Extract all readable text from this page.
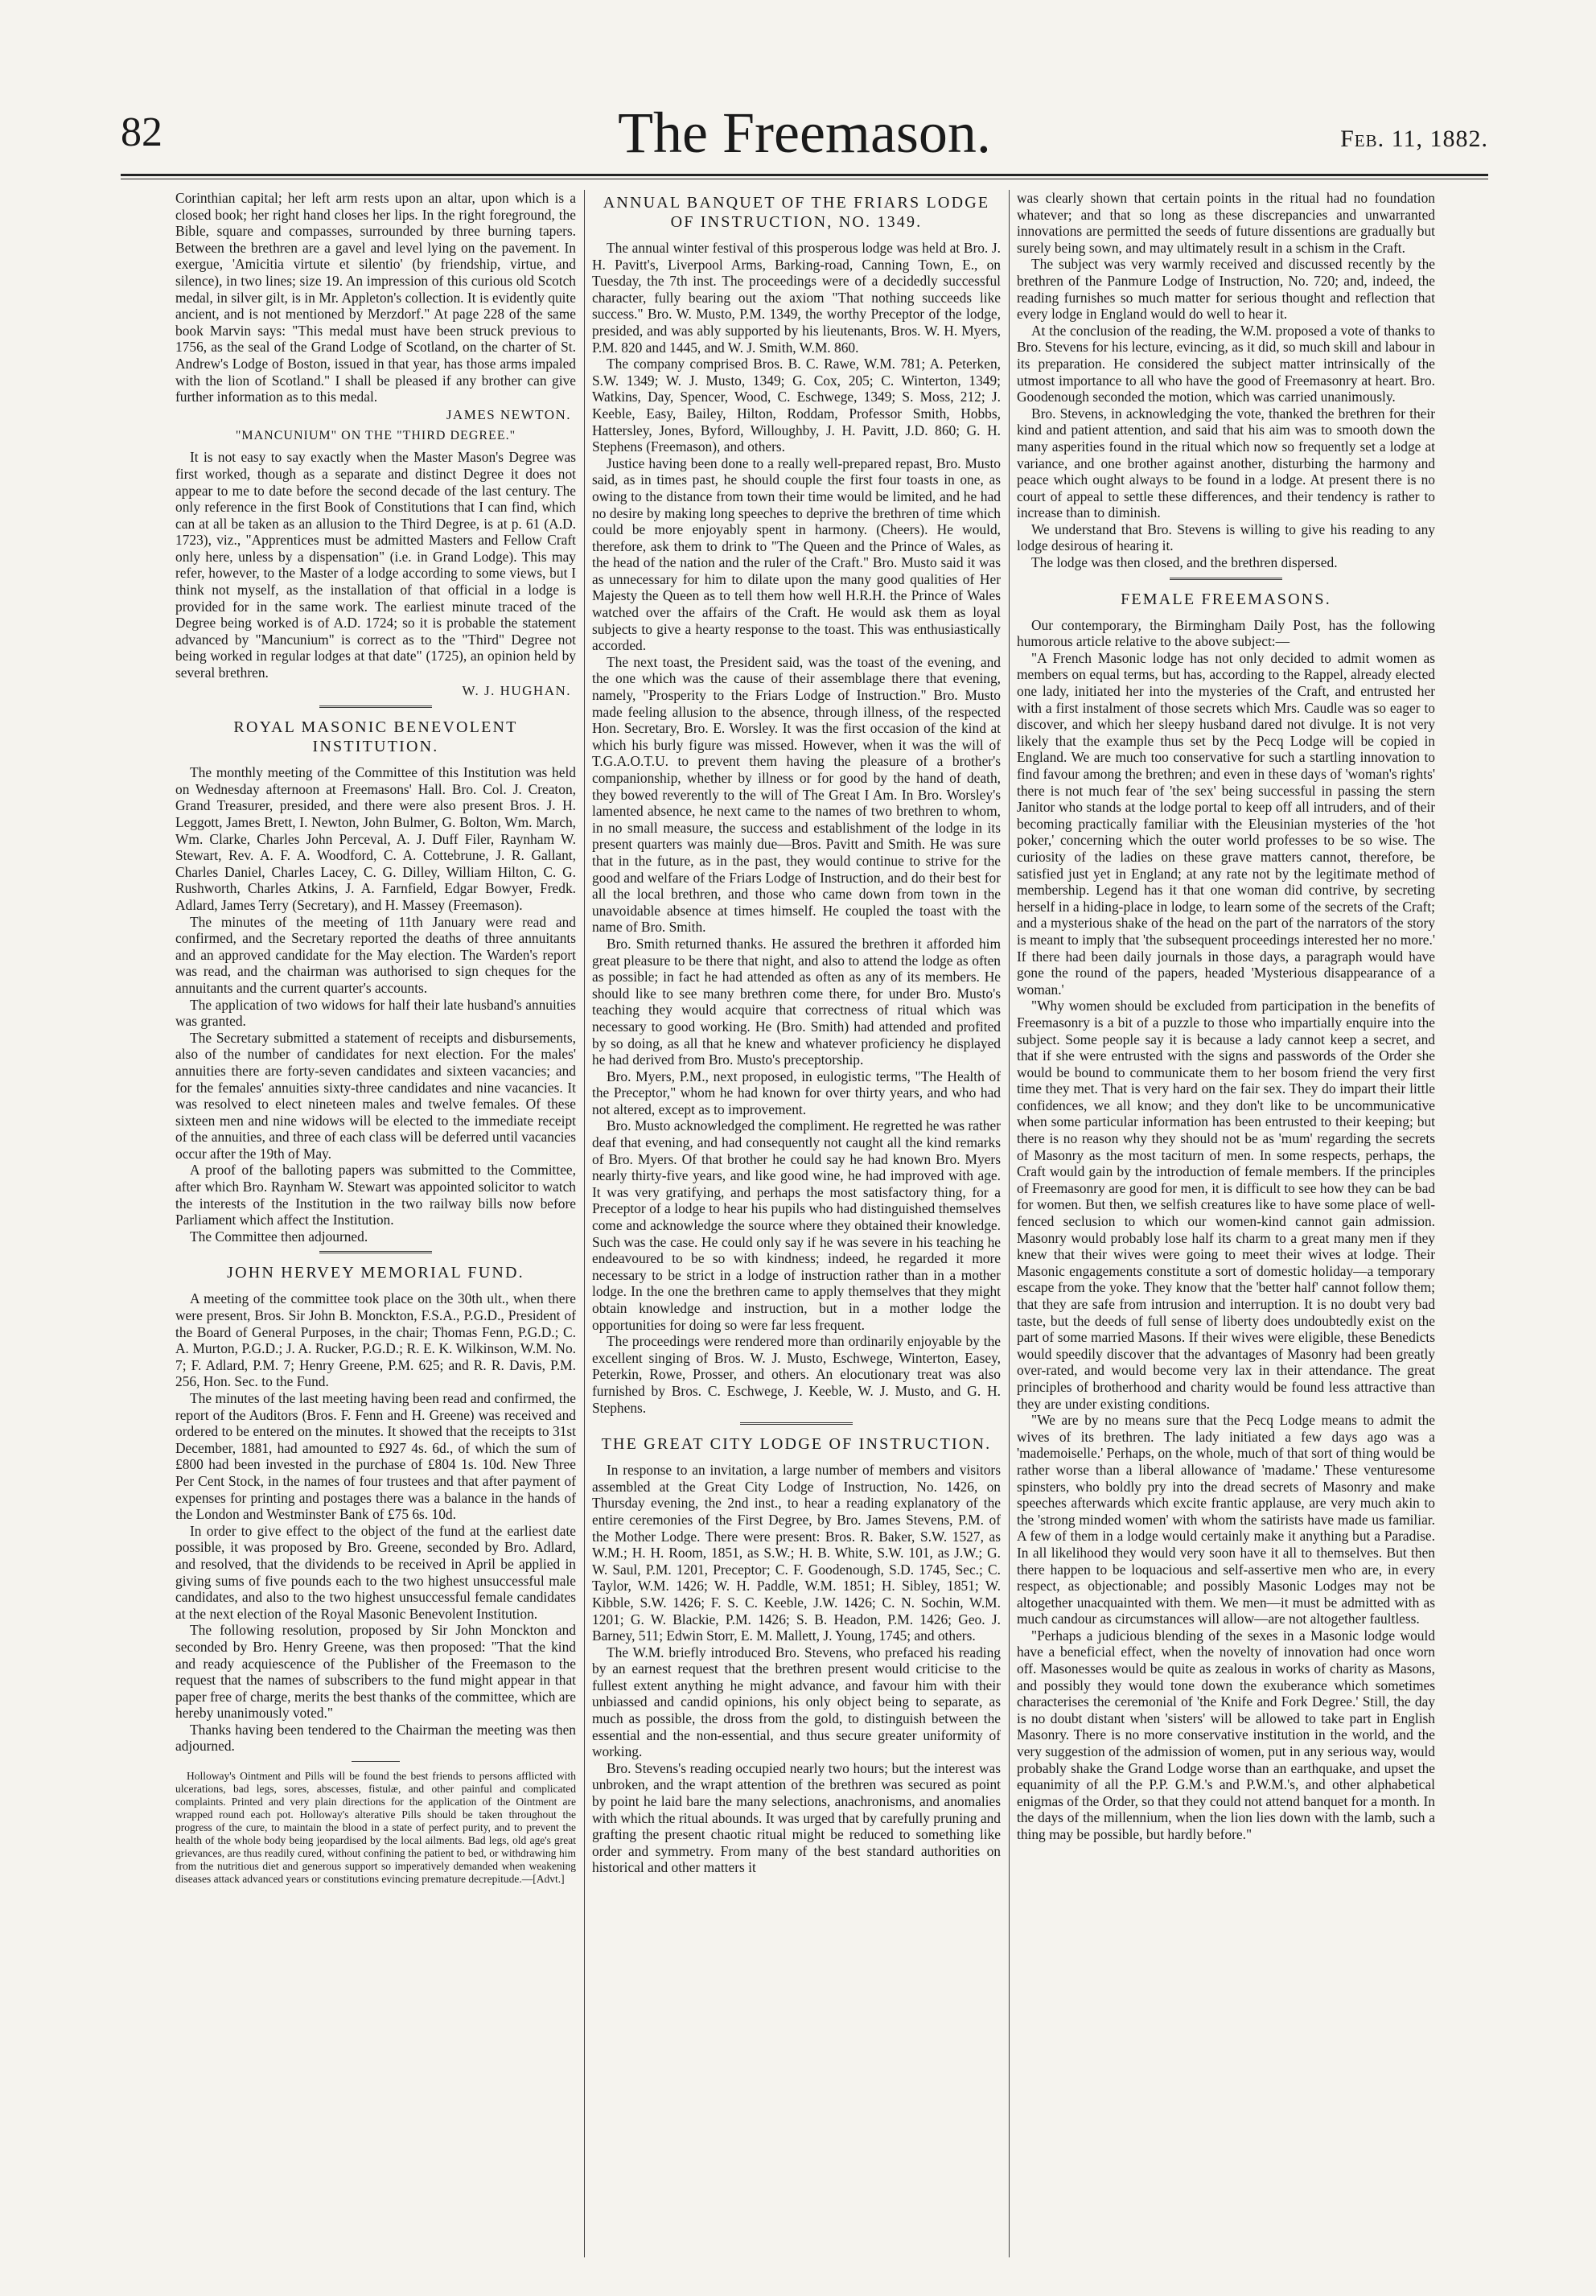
82	The Freemason.	Feb. 11, 1882.

Corinthian capital; her left arm rests upon an altar, upon which is a closed book; her right hand closes her lips. In the right foreground, the Bible, square and compasses, surrounded by three burning tapers. Between the brethren are a gavel and level lying on the pavement. In exergue, 'Amicitia virtute et silentio' (by friendship, virtue, and silence), in two lines; size 19. An impression of this curious old Scotch medal, in silver gilt, is in Mr. Appleton's collection. It is evidently quite ancient, and is not mentioned by Merzdorf." At page 228 of the same book Marvin says: "This medal must have been struck previous to 1756, as the seal of the Grand Lodge of Scotland, on the charter of St. Andrew's Lodge of Boston, issued in that year, has those arms impaled with the lion of Scotland." I shall be pleased if any brother can give further information as to this medal.

JAMES NEWTON.
"MANCUNIUM" ON THE "THIRD DEGREE."

It is not easy to say exactly when the Master Mason's Degree was first worked, though as a separate and distinct Degree it does not appear to me to date before the second decade of the last century. The only reference in the first Book of Constitutions that I can find, which can at all be taken as an allusion to the Third Degree, is at p. 61 (A.D. 1723), viz., "Apprentices must be admitted Masters and Fellow Craft only here, unless by a dispensation" (i.e. in Grand Lodge). This may refer, however, to the Master of a lodge according to some views, but I think not myself, as the installation of that official in a lodge is provided for in the same work. The earliest minute traced of the Degree being worked is of A.D. 1724; so it is probable the statement advanced by "Mancunium" is correct as to the "Third" Degree not being worked in regular lodges at that date" (1725), an opinion held by several brethren.

W. J. HUGHAN.
ROYAL MASONIC BENEVOLENT INSTITUTION.

The monthly meeting of the Committee of this Institution was held on Wednesday afternoon at Freemasons' Hall. Bro. Col. J. Creaton, Grand Treasurer, presided, and there were also present Bros. J. H. Leggott, James Brett, I. Newton, John Bulmer, G. Bolton, Wm. March, Wm. Clarke, Charles John Perceval, A. J. Duff Filer, Raynham W. Stewart, Rev. A. F. A. Woodford, C. A. Cottebrune, J. R. Gallant, Charles Daniel, Charles Lacey, C. G. Dilley, William Hilton, C. G. Rushworth, Charles Atkins, J. A. Farnfield, Edgar Bowyer, Fredk. Adlard, James Terry (Secretary), and H. Massey (Freemason).

The minutes of the meeting of 11th January were read and confirmed, and the Secretary reported the deaths of three annuitants and an approved candidate for the May election. The Warden's report was read, and the chairman was authorised to sign cheques for the annuitants and the current quarter's accounts.

The application of two widows for half their late husband's annuities was granted.

The Secretary submitted a statement of receipts and disbursements, also of the number of candidates for next election. For the males' annuities there are forty-seven candidates and sixteen vacancies; and for the females' annuities sixty-three candidates and nine vacancies. It was resolved to elect nineteen males and twelve females. Of these sixteen men and nine widows will be elected to the immediate receipt of the annuities, and three of each class will be deferred until vacancies occur after the 19th of May.

A proof of the balloting papers was submitted to the Committee, after which Bro. Raynham W. Stewart was appointed solicitor to watch the interests of the Institution in the two railway bills now before Parliament which affect the Institution.

The Committee then adjourned.

JOHN HERVEY MEMORIAL FUND.

A meeting of the committee took place on the 30th ult., when there were present, Bros. Sir John B. Monckton, F.S.A., P.G.D., President of the Board of General Purposes, in the chair; Thomas Fenn, P.G.D.; C. A. Murton, P.G.D.; J. A. Rucker, P.G.D.; R. E. K. Wilkinson, W.M. No. 7; F. Adlard, P.M. 7; Henry Greene, P.M. 625; and R. R. Davis, P.M. 256, Hon. Sec. to the Fund.

The minutes of the last meeting having been read and confirmed, the report of the Auditors (Bros. F. Fenn and H. Greene) was received and ordered to be entered on the minutes. It showed that the receipts to 31st December, 1881, had amounted to £927 4s. 6d., of which the sum of £800 had been invested in the purchase of £804 1s. 10d. New Three Per Cent Stock, in the names of four trustees and that after payment of expenses for printing and postages there was a balance in the hands of the London and Westminster Bank of £75 6s. 10d.

In order to give effect to the object of the fund at the earliest date possible, it was proposed by Bro. Greene, seconded by Bro. Adlard, and resolved, that the dividends to be received in April be applied in giving sums of five pounds each to the two highest unsuccessful male candidates, and also to the two highest unsuccessful female candidates at the next election of the Royal Masonic Benevolent Institution.

The following resolution, proposed by Sir John Monckton and seconded by Bro. Henry Greene, was then proposed: "That the kind and ready acquiescence of the Publisher of the Freemason to the request that the names of subscribers to the fund might appear in that paper free of charge, merits the best thanks of the committee, which are hereby unanimously voted."

Thanks having been tendered to the Chairman the meeting was then adjourned.

Holloway's Ointment and Pills will be found the best friends to persons afflicted with ulcerations, bad legs, sores, abscesses, fistulæ, and other painful and complicated complaints. Printed and very plain directions for the application of the Ointment are wrapped round each pot. Holloway's alterative Pills should be taken throughout the progress of the cure, to maintain the blood in a state of perfect purity, and to prevent the health of the whole body being jeopardised by the local ailments. Bad legs, old age's great grievances, are thus readily cured, without confining the patient to bed, or withdrawing him from the nutritious diet and generous support so imperatively demanded when weakening diseases attack advanced years or constitutions evincing premature decrepitude.—[Advt.]

ANNUAL BANQUET OF THE FRIARS LODGE OF INSTRUCTION, NO. 1349.

The annual winter festival of this prosperous lodge was held at Bro. J. H. Pavitt's, Liverpool Arms, Barking-road, Canning Town, E., on Tuesday, the 7th inst. The proceedings were of a decidedly successful character, fully bearing out the axiom "That nothing succeeds like success." Bro. W. Musto, P.M. 1349, the worthy Preceptor of the lodge, presided, and was ably supported by his lieutenants, Bros. W. H. Myers, P.M. 820 and 1445, and W. J. Smith, W.M. 860.

The company comprised Bros. B. C. Rawe, W.M. 781; A. Peterken, S.W. 1349; W. J. Musto, 1349; G. Cox, 205; C. Winterton, 1349; Watkins, Day, Spencer, Wood, C. Eschwege, 1349; S. Moss, 212; J. Keeble, Easy, Bailey, Hilton, Roddam, Professor Smith, Hobbs, Hattersley, Jones, Byford, Willoughby, J. H. Pavitt, J.D. 860; G. H. Stephens (Freemason), and others.

Justice having been done to a really well-prepared repast, Bro. Musto said, as in times past, he should couple the first four toasts in one, as owing to the distance from town their time would be limited, and he had no desire by making long speeches to deprive the brethren of time which could be more enjoyably spent in harmony. (Cheers). He would, therefore, ask them to drink to "The Queen and the Prince of Wales, as the head of the nation and the ruler of the Craft." Bro. Musto said it was as unnecessary for him to dilate upon the many good qualities of Her Majesty the Queen as to tell them how well H.R.H. the Prince of Wales watched over the affairs of the Craft. He would ask them as loyal subjects to give a hearty response to the toast. This was enthusiastically accorded.

The next toast, the President said, was the toast of the evening, and the one which was the cause of their assemblage there that evening, namely, "Prosperity to the Friars Lodge of Instruction." Bro. Musto made feeling allusion to the absence, through illness, of the respected Hon. Secretary, Bro. E. Worsley. It was the first occasion of the kind at which his burly figure was missed. However, when it was the will of T.G.A.O.T.U. to prevent them having the pleasure of a brother's companionship, whether by illness or for good by the hand of death, they bowed reverently to the will of The Great I Am. In Bro. Worsley's lamented absence, he next came to the names of two brethren to whom, in no small measure, the success and establishment of the lodge in its present quarters was mainly due—Bros. Pavitt and Smith. He was sure that in the future, as in the past, they would continue to strive for the good and welfare of the Friars Lodge of Instruction, and do their best for all the local brethren, and those who came down from town in the unavoidable absence at times himself. He coupled the toast with the name of Bro. Smith.

Bro. Smith returned thanks. He assured the brethren it afforded him great pleasure to be there that night, and also to attend the lodge as often as possible; in fact he had attended as often as any of its members. He should like to see many brethren come there, for under Bro. Musto's teaching they would acquire that correctness of ritual which was necessary to good working. He (Bro. Smith) had attended and profited by so doing, as all that he knew and whatever proficiency he displayed he had derived from Bro. Musto's preceptorship.

Bro. Myers, P.M., next proposed, in eulogistic terms, "The Health of the Preceptor," whom he had known for over thirty years, and who had not altered, except as to improvement.

Bro. Musto acknowledged the compliment. He regretted he was rather deaf that evening, and had consequently not caught all the kind remarks of Bro. Myers. Of that brother he could say he had known Bro. Myers nearly thirty-five years, and like good wine, he had improved with age. It was very gratifying, and perhaps the most satisfactory thing, for a Preceptor of a lodge to hear his pupils who had distinguished themselves come and acknowledge the source where they obtained their knowledge. Such was the case. He could only say if he was severe in his teaching he endeavoured to be so with kindness; indeed, he regarded it more necessary to be strict in a lodge of instruction rather than in a mother lodge. In the one the brethren came to apply themselves that they might obtain knowledge and instruction, but in a mother lodge the opportunities for doing so were far less frequent.

The proceedings were rendered more than ordinarily enjoyable by the excellent singing of Bros. W. J. Musto, Eschwege, Winterton, Easey, Peterkin, Rowe, Prosser, and others. An elocutionary treat was also furnished by Bros. C. Eschwege, J. Keeble, W. J. Musto, and G. H. Stephens.

THE GREAT CITY LODGE OF INSTRUCTION.

In response to an invitation, a large number of members and visitors assembled at the Great City Lodge of Instruction, No. 1426, on Thursday evening, the 2nd inst., to hear a reading explanatory of the entire ceremonies of the First Degree, by Bro. James Stevens, P.M. of the Mother Lodge. There were present: Bros. R. Baker, S.W. 1527, as W.M.; H. H. Room, 1851, as S.W.; H. B. White, S.W. 101, as J.W.; G. W. Saul, P.M. 1201, Preceptor; C. F. Goodenough, S.D. 1745, Sec.; C. Taylor, W.M. 1426; W. H. Paddle, W.M. 1851; H. Sibley, 1851; W. Kibble, S.W. 1426; F. S. C. Keeble, J.W. 1426; C. N. Sochin, W.M. 1201; G. W. Blackie, P.M. 1426; S. B. Headon, P.M. 1426; Geo. J. Barney, 511; Edwin Storr, E. M. Mallett, J. Young, 1745; and others.

The W.M. briefly introduced Bro. Stevens, who prefaced his reading by an earnest request that the brethren present would criticise to the fullest extent anything he might advance, and favour him with their unbiassed and candid opinions, his only object being to separate, as much as possible, the dross from the gold, to distinguish between the essential and the non-essential, and thus secure greater uniformity of working.

Bro. Stevens's reading occupied nearly two hours; but the interest was unbroken, and the wrapt attention of the brethren was secured as point by point he laid bare the many selections, anachronisms, and anomalies with which the ritual abounds. It was urged that by carefully pruning and grafting the present chaotic ritual might be reduced to something like order and symmetry. From many of the best standard authorities on historical and other matters it

was clearly shown that certain points in the ritual had no foundation whatever; and that so long as these discrepancies and unwarranted innovations are permitted the seeds of future dissentions are gradually but surely being sown, and may ultimately result in a schism in the Craft.

The subject was very warmly received and discussed recently by the brethren of the Panmure Lodge of Instruction, No. 720; and, indeed, the reading furnishes so much matter for serious thought and reflection that every lodge in England would do well to hear it.

At the conclusion of the reading, the W.M. proposed a vote of thanks to Bro. Stevens for his lecture, evincing, as it did, so much skill and labour in its preparation. He considered the subject matter intrinsically of the utmost importance to all who have the good of Freemasonry at heart. Bro. Goodenough seconded the motion, which was carried unanimously.

Bro. Stevens, in acknowledging the vote, thanked the brethren for their kind and patient attention, and said that his aim was to smooth down the many asperities found in the ritual which now so frequently set a lodge at variance, and one brother against another, disturbing the harmony and peace which ought always to be found in a lodge. At present there is no court of appeal to settle these differences, and their tendency is rather to increase than to diminish.

We understand that Bro. Stevens is willing to give his reading to any lodge desirous of hearing it.

The lodge was then closed, and the brethren dispersed.

FEMALE FREEMASONS.

Our contemporary, the Birmingham Daily Post, has the following humorous article relative to the above subject:—

"A French Masonic lodge has not only decided to admit women as members on equal terms, but has, according to the Rappel, already elected one lady, initiated her into the mysteries of the Craft, and entrusted her with a first instalment of those secrets which Mrs. Caudle was so eager to discover, and which her sleepy husband dared not divulge. It is not very likely that the example thus set by the Pecq Lodge will be copied in England. We are much too conservative for such a startling innovation to find favour among the brethren; and even in these days of 'woman's rights' there is not much fear of 'the sex' being successful in passing the stern Janitor who stands at the lodge portal to keep off all intruders, and of their becoming practically familiar with the Eleusinian mysteries of the 'hot poker,' concerning which the outer world professes to be so wise. The curiosity of the ladies on these grave matters cannot, therefore, be satisfied just yet in England; at any rate not by the legitimate method of membership. Legend has it that one woman did contrive, by secreting herself in a hiding-place in lodge, to learn some of the secrets of the Craft; and a mysterious shake of the head on the part of the narrators of the story is meant to imply that 'the subsequent proceedings interested her no more.' If there had been daily journals in those days, a paragraph would have gone the round of the papers, headed 'Mysterious disappearance of a woman.'

"Why women should be excluded from participation in the benefits of Freemasonry is a bit of a puzzle to those who impartially enquire into the subject. Some people say it is because a lady cannot keep a secret, and that if she were entrusted with the signs and passwords of the Order she would be bound to communicate them to her bosom friend the very first time they met. That is very hard on the fair sex. They do impart their little confidences, we all know; and they don't like to be uncommunicative when some particular information has been entrusted to their keeping; but there is no reason why they should not be as 'mum' regarding the secrets of Masonry as the most taciturn of men. In some respects, perhaps, the Craft would gain by the introduction of female members. If the principles of Freemasonry are good for men, it is difficult to see how they can be bad for women. But then, we selfish creatures like to have some place of well-fenced seclusion to which our women-kind cannot gain admission. Masonry would probably lose half its charm to a great many men if they knew that their wives were going to meet their wives at lodge. Their Masonic engagements constitute a sort of domestic holiday—a temporary escape from the yoke. They know that the 'better half' cannot follow them; that they are safe from intrusion and interruption. It is no doubt very bad taste, but the deeds of full sense of liberty does undoubtedly exist on the part of some married Masons. If their wives were eligible, these Benedicts would speedily discover that the advantages of Masonry had been greatly over-rated, and would become very lax in their attendance. The great principles of brotherhood and charity would be found less attractive than they are under existing conditions.

"We are by no means sure that the Pecq Lodge means to admit the wives of its brethren. The lady initiated a few days ago was a 'mademoiselle.' Perhaps, on the whole, much of that sort of thing would be rather worse than a liberal allowance of 'madame.' These venturesome spinsters, who boldly pry into the dread secrets of Masonry and make speeches afterwards which excite frantic applause, are very much akin to the 'strong minded women' with whom the satirists have made us familiar. A few of them in a lodge would certainly make it anything but a Paradise. In all likelihood they would very soon have it all to themselves. But then there happen to be loquacious and self-assertive men who are, in every respect, as objectionable; and possibly Masonic Lodges may not be altogether unacquainted with them. We men—it must be admitted with as much candour as circumstances will allow—are not altogether faultless.

"Perhaps a judicious blending of the sexes in a Masonic lodge would have a beneficial effect, when the novelty of innovation had once worn off. Masonesses would be quite as zealous in works of charity as Masons, and possibly they would tone down the exuberance which sometimes characterises the ceremonial of 'the Knife and Fork Degree.' Still, the day is no doubt distant when 'sisters' will be allowed to take part in English Masonry. There is no more conservative institution in the world, and the very suggestion of the admission of women, put in any serious way, would probably shake the Grand Lodge worse than an earthquake, and upset the equanimity of all the P.P. G.M.'s and P.W.M.'s, and other alphabetical enigmas of the Order, so that they could not attend banquet for a month. In the days of the millennium, when the lion lies down with the lamb, such a thing may be possible, but hardly before."
